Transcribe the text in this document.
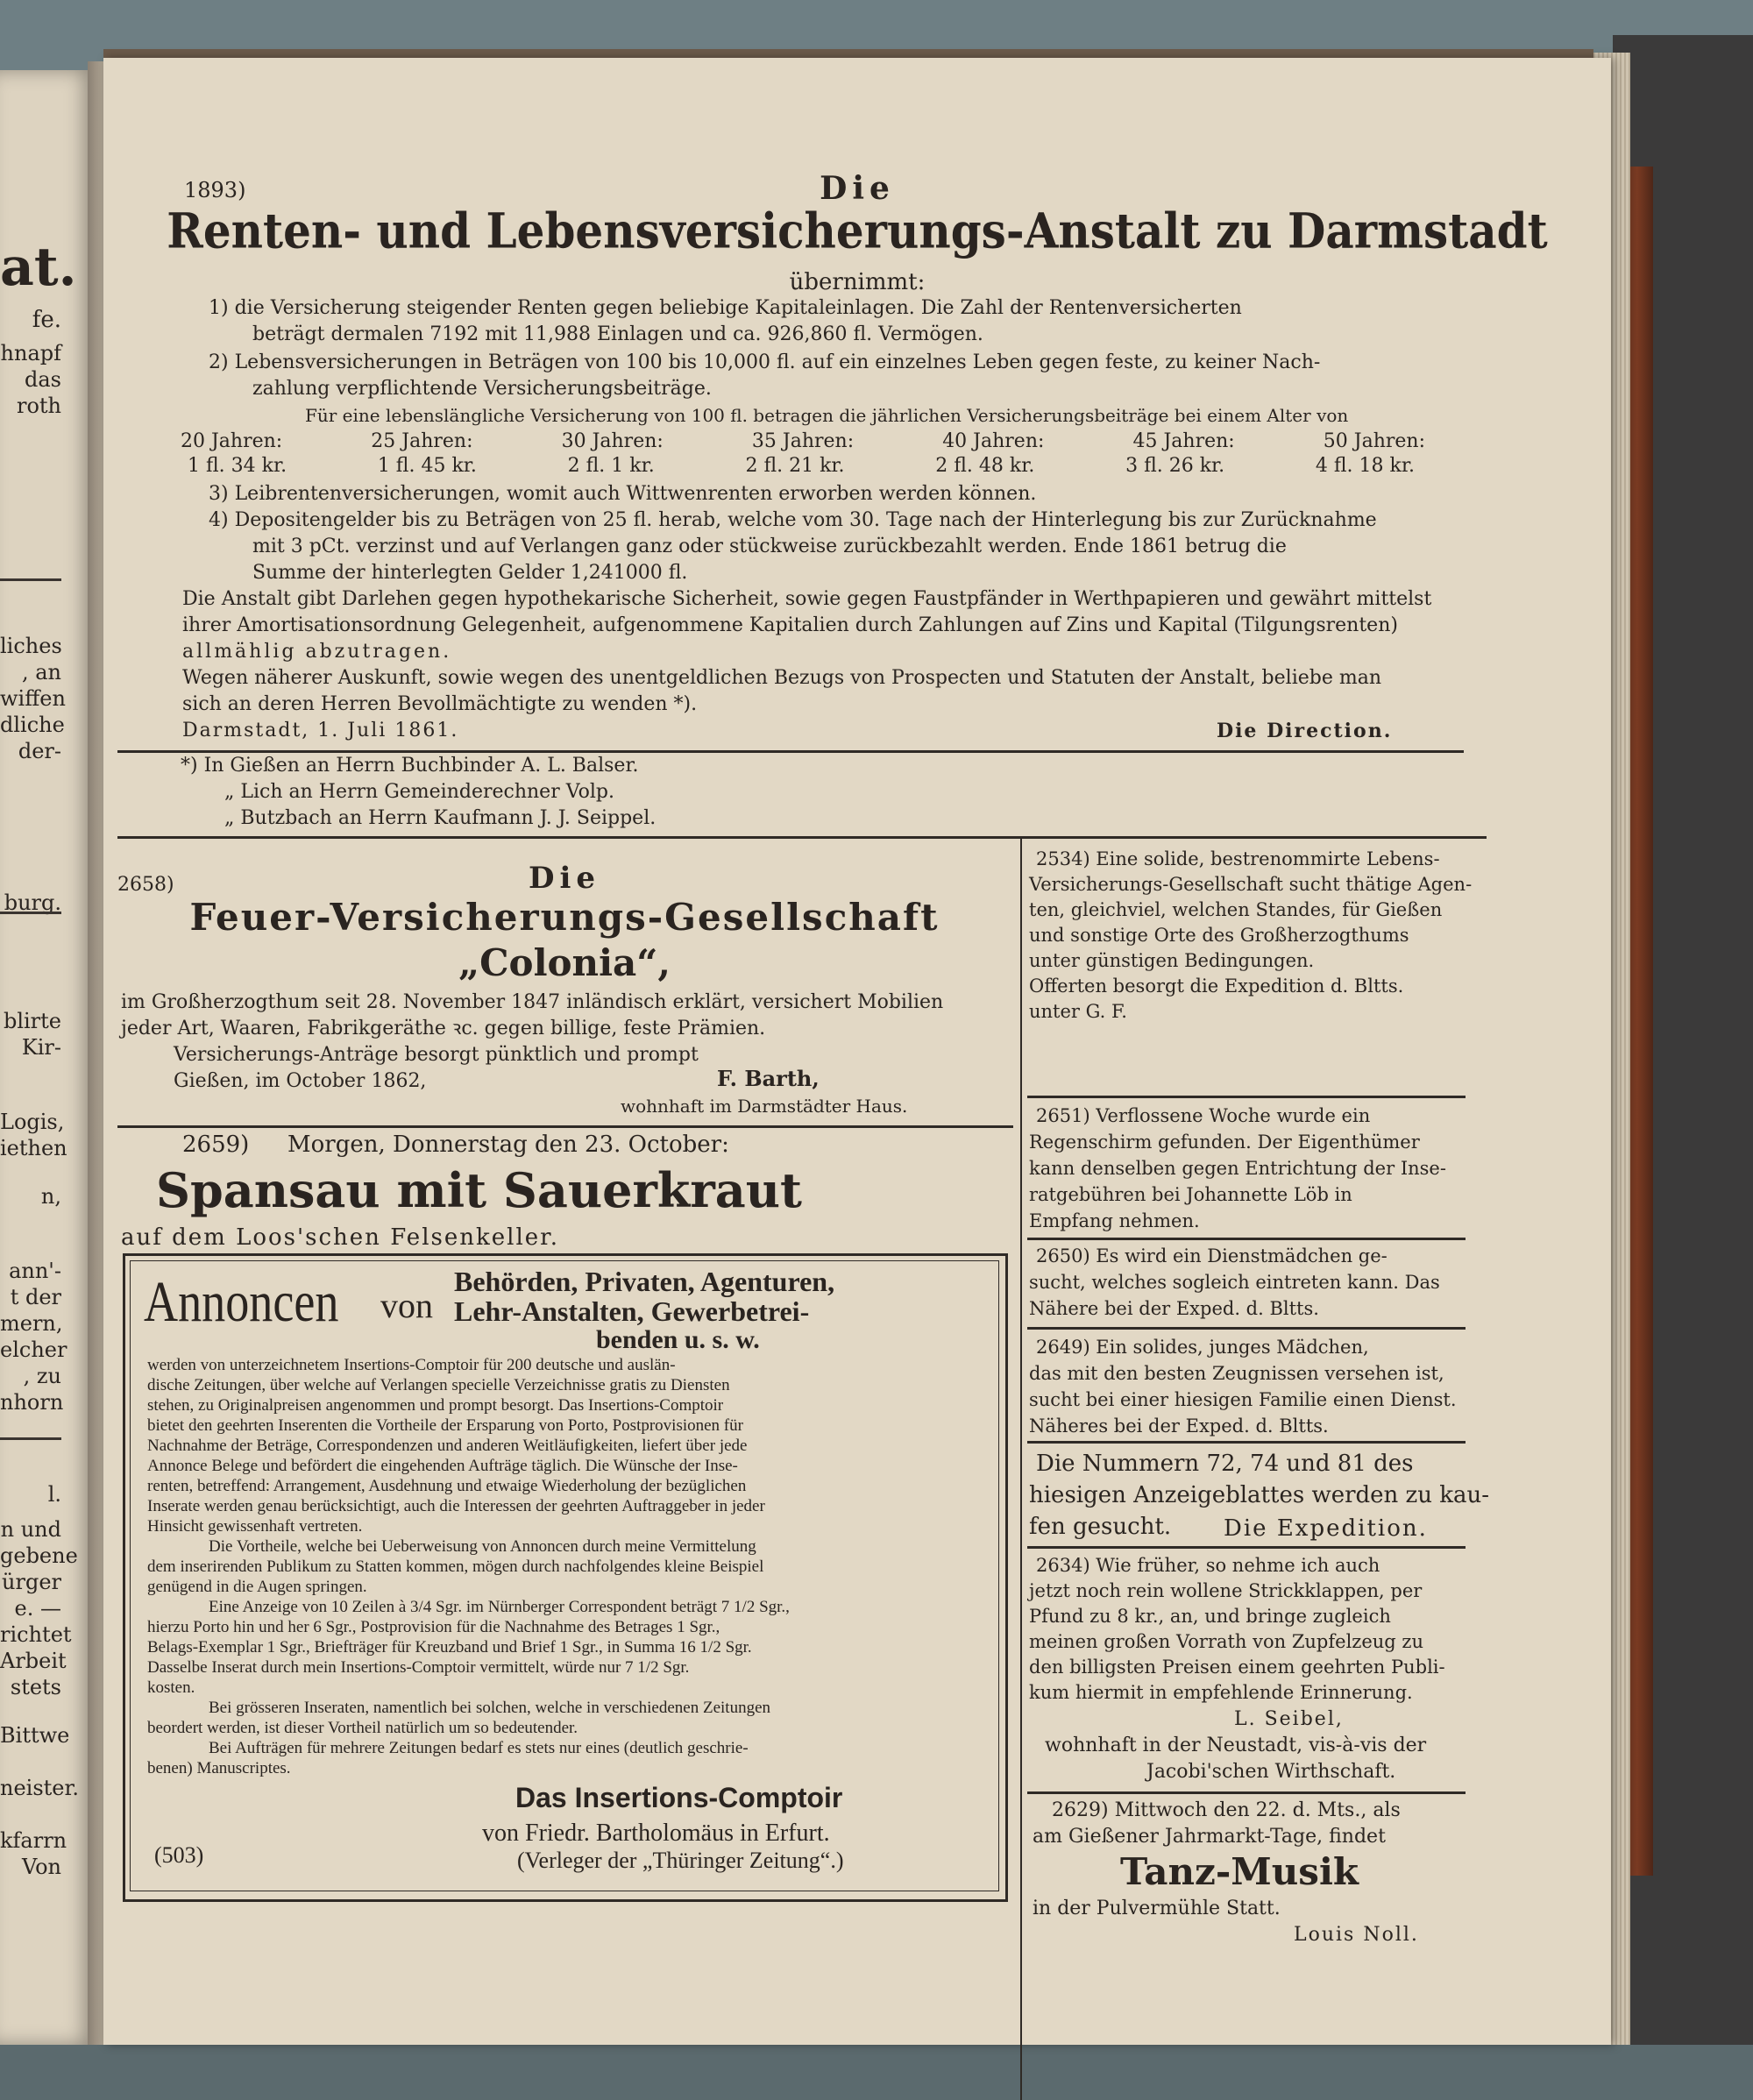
at.
fe.
hnapf
das
roth
liches
, an
wiffen
dliche
der-
burg.
blirte
Kir-
Logis,
iethen
n,
ann'-
t der
mern,
elcher
, zu
nhorn
l.
n und
gebene
ürger
e. —
richtet
Arbeit
stets
Bittwe
neister.
kfarrn
Von
1893)	Die
Renten- und Lebensversicherungs-Anstalt zu Darmstadt
übernimmt:
1) die Versicherung steigender Renten gegen beliebige Kapitaleinlagen. Die Zahl der Rentenversicherten
beträgt dermalen 7192 mit 11,988 Einlagen und ca. 926,860 fl. Vermögen.
2) Lebensversicherungen in Beträgen von 100 bis 10,000 fl. auf ein einzelnes Leben gegen feste, zu keiner Nach-
zahlung verpflichtende Versicherungsbeiträge.
Für eine lebenslängliche Versicherung von 100 fl. betragen die jährlichen Versicherungsbeiträge bei einem Alter von
20 Jahren:	25 Jahren:	30 Jahren:	35 Jahren:	40 Jahren:	45 Jahren:	50 Jahren:
1 fl. 34 kr.	1 fl. 45 kr.	2 fl. 1 kr.	2 fl. 21 kr.	2 fl. 48 kr.	3 fl. 26 kr.	4 fl. 18 kr.
3) Leibrentenversicherungen, womit auch Wittwenrenten erworben werden können.
4) Depositengelder bis zu Beträgen von 25 fl. herab, welche vom 30. Tage nach der Hinterlegung bis zur Zurücknahme
mit 3 pCt. verzinst und auf Verlangen ganz oder stückweise zurückbezahlt werden. Ende 1861 betrug die
Summe der hinterlegten Gelder 1,241000 fl.
Die Anstalt gibt Darlehen gegen hypothekarische Sicherheit, sowie gegen Faustpfänder in Werthpapieren und gewährt mittelst
ihrer Amortisationsordnung Gelegenheit, aufgenommene Kapitalien durch Zahlungen auf Zins und Kapital (Tilgungsrenten)
allmählig abzutragen.
Wegen näherer Auskunft, sowie wegen des unentgeldlichen Bezugs von Prospecten und Statuten der Anstalt, beliebe man
sich an deren Herren Bevollmächtigte zu wenden *).
Darmstadt, 1. Juli 1861.	Die Direction.
*) In Gießen an Herrn Buchbinder A. L. Balser.
„ Lich an Herrn Gemeinderechner Volp.
„ Butzbach an Herrn Kaufmann J. J. Seippel.
2658)	Die
Feuer-Versicherungs-Gesellschaft
„Colonia“,
im Großherzogthum seit 28. November 1847 inländisch erklärt, versichert Mobilien
jeder Art, Waaren, Fabrikgeräthe ꝛc. gegen billige, feste Prämien.
Versicherungs-Anträge besorgt pünktlich und prompt
Gießen, im October 1862,	F. Barth,
wohnhaft im Darmstädter Haus.
2659) Morgen, Donnerstag den 23. October:
Spansau mit Sauerkraut
auf dem Loos'schen Felsenkeller.
Annoncen von
Behörden, Privaten, Agenturen,
Lehr-Anstalten, Gewerbetrei-
benden u. s. w.
werden von unterzeichnetem Insertions-Comptoir für 200 deutsche und auslän-
dische Zeitungen, über welche auf Verlangen specielle Verzeichnisse gratis zu Diensten
stehen, zu Originalpreisen angenommen und prompt besorgt. Das Insertions-Comptoir
bietet den geehrten Inserenten die Vortheile der Ersparung von Porto, Postprovisionen für
Nachnahme der Beträge, Correspondenzen und anderen Weitläufigkeiten, liefert über jede
Annonce Belege und befördert die eingehenden Aufträge täglich. Die Wünsche der Inse-
renten, betreffend: Arrangement, Ausdehnung und etwaige Wiederholung der bezüglichen
Inserate werden genau berücksichtigt, auch die Interessen der geehrten Auftraggeber in jeder
Hinsicht gewissenhaft vertreten.
Die Vortheile, welche bei Ueberweisung von Annoncen durch meine Vermittelung
dem inserirenden Publikum zu Statten kommen, mögen durch nachfolgendes kleine Beispiel
genügend in die Augen springen.
Eine Anzeige von 10 Zeilen à 3/4 Sgr. im Nürnberger Correspondent beträgt 7 1/2 Sgr.,
hierzu Porto hin und her 6 Sgr., Postprovision für die Nachnahme des Betrages 1 Sgr.,
Belags-Exemplar 1 Sgr., Briefträger für Kreuzband und Brief 1 Sgr., in Summa 16 1/2 Sgr.
Dasselbe Inserat durch mein Insertions-Comptoir vermittelt, würde nur 7 1/2 Sgr.
kosten.
Bei grösseren Inseraten, namentlich bei solchen, welche in verschiedenen Zeitungen
beordert werden, ist dieser Vortheil natürlich um so bedeutender.
Bei Aufträgen für mehrere Zeitungen bedarf es stets nur eines (deutlich geschrie-
benen) Manuscriptes.
Das Insertions-Comptoir
von Friedr. Bartholomäus in Erfurt.
(Verleger der „Thüringer Zeitung“.)
(503)
2534) Eine solide, bestrenommirte Lebens-
Versicherungs-Gesellschaft sucht thätige Agen-
ten, gleichviel, welchen Standes, für Gießen
und sonstige Orte des Großherzogthums
unter günstigen Bedingungen.
Offerten besorgt die Expedition d. Bltts.
unter G. F.
2651) Verflossene Woche wurde ein
Regenschirm gefunden. Der Eigenthümer
kann denselben gegen Entrichtung der Inse-
ratgebühren bei Johannette Löb in
Empfang nehmen.
2650) Es wird ein Dienstmädchen ge-
sucht, welches sogleich eintreten kann. Das
Nähere bei der Exped. d. Bltts.
2649) Ein solides, junges Mädchen,
das mit den besten Zeugnissen versehen ist,
sucht bei einer hiesigen Familie einen Dienst.
Näheres bei der Exped. d. Bltts.
Die Nummern 72, 74 und 81 des
hiesigen Anzeigeblattes werden zu kau-
fen gesucht. Die Expedition.
2634) Wie früher, so nehme ich auch
jetzt noch rein wollene Strickklappen, per
Pfund zu 8 kr., an, und bringe zugleich
meinen großen Vorrath von Zupfelzeug zu
den billigsten Preisen einem geehrten Publi-
kum hiermit in empfehlende Erinnerung.
L. Seibel,
wohnhaft in der Neustadt, vis-à-vis der
Jacobi'schen Wirthschaft.
2629) Mittwoch den 22. d. Mts., als
am Gießener Jahrmarkt-Tage, findet
Tanz-Musik
in der Pulvermühle Statt.
Louis Noll.
